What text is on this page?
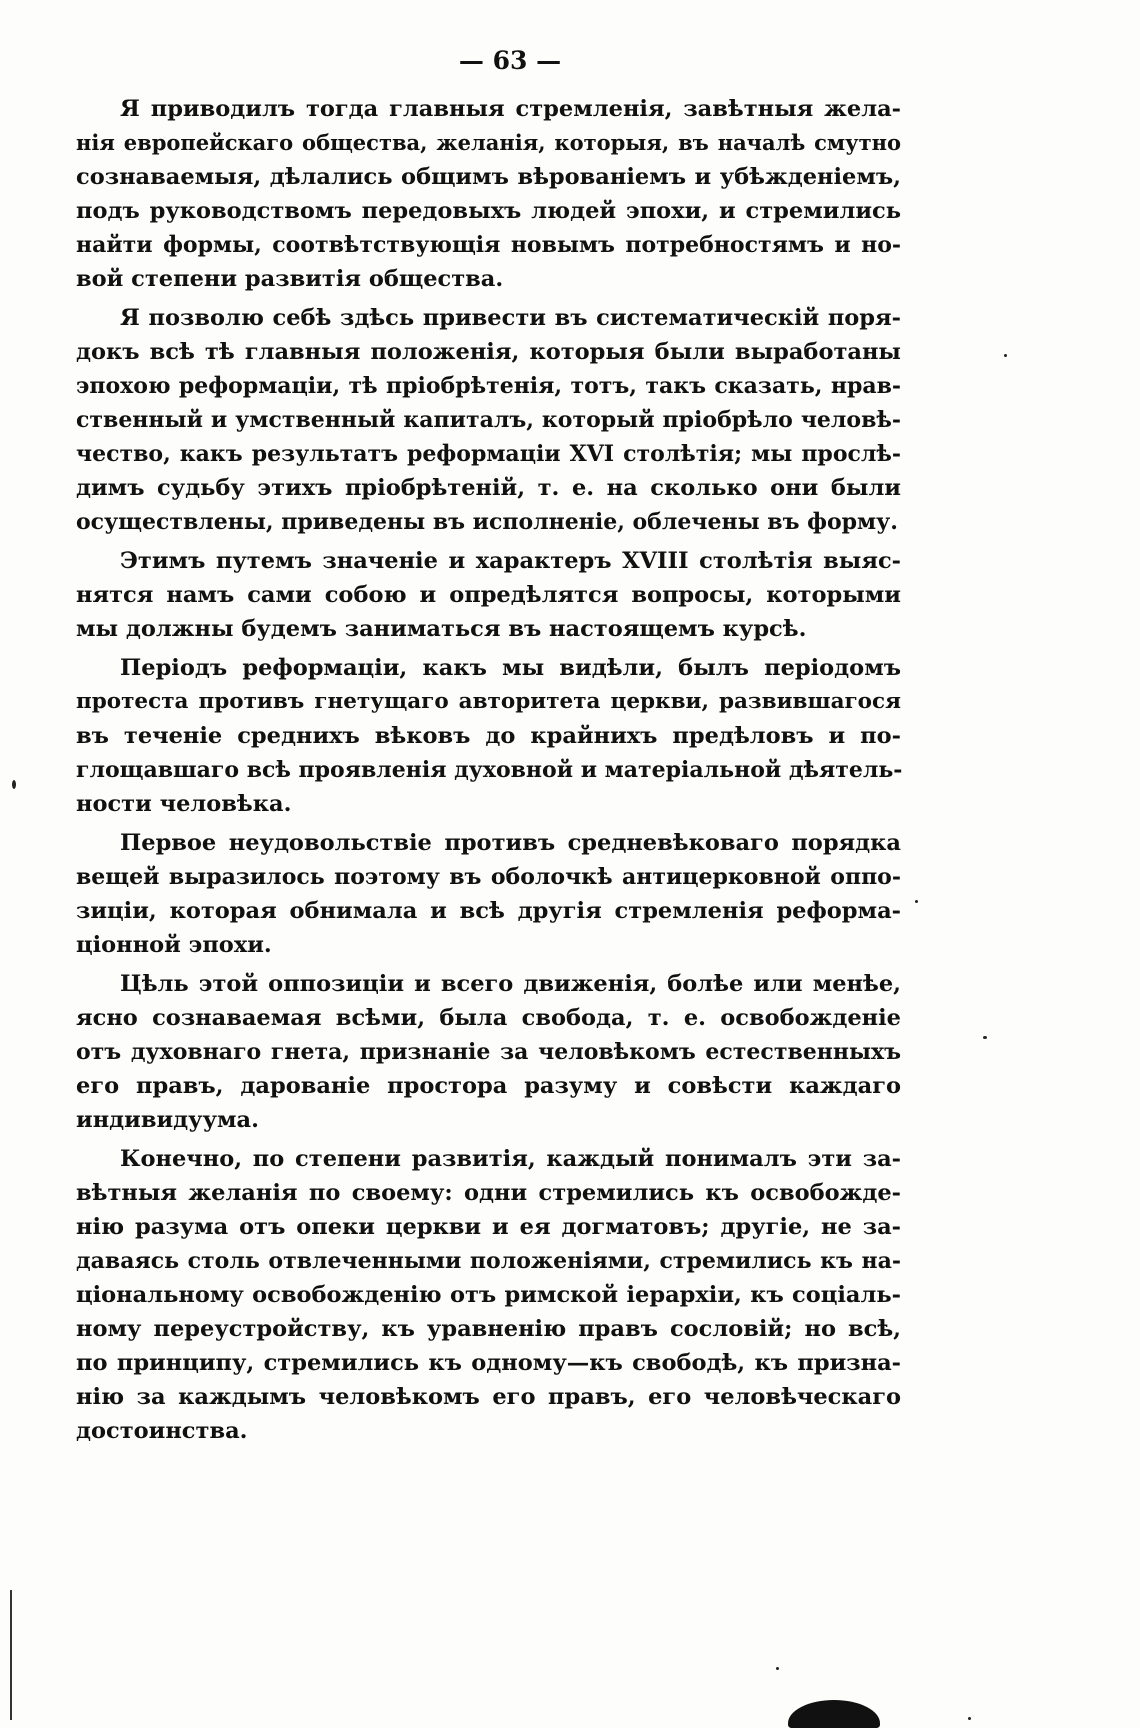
— 63 —
Я приводилъ тогда главныя стремленія, завѣтныя жела-
нія европейскаго общества, желанія, которыя, въ началѣ смутно
сознаваемыя, дѣлались общимъ вѣрованіемъ и убѣжденіемъ,
подъ руководствомъ передовыхъ людей эпохи, и стремились
найти формы, соотвѣтствующія новымъ потребностямъ и но-
вой степени развитія общества.
Я позволю себѣ здѣсь привести въ систематическій поря-
докъ всѣ тѣ главныя положенія, которыя были выработаны
эпохою реформаціи, тѣ пріобрѣтенія, тотъ, такъ сказать, нрав-
ственный и умственный капиталъ, который пріобрѣло человѣ-
чество, какъ результатъ реформаціи XVI столѣтія; мы прослѣ-
димъ судьбу этихъ пріобрѣтеній, т. е. на сколько они были
осуществлены, приведены въ исполненіе, облечены въ форму.
Этимъ путемъ значеніе и характеръ XVIII столѣтія выяс-
нятся намъ сами собою и опредѣлятся вопросы, которыми
мы должны будемъ заниматься въ настоящемъ курсѣ.
Періодъ реформаціи, какъ мы видѣли, былъ періодомъ
протеста противъ гнетущаго авторитета церкви, развившагося
въ теченіе среднихъ вѣковъ до крайнихъ предѣловъ и по-
глощавшаго всѣ проявленія духовной и матеріальной дѣятель-
ности человѣка.
Первое неудовольствіе противъ средневѣковаго порядка
вещей выразилось поэтому въ оболочкѣ антицерковной оппо-
зиціи, которая обнимала и всѣ другія стремленія реформа-
ціонной эпохи.
Цѣль этой оппозиціи и всего движенія, болѣе или менѣе,
ясно сознаваемая всѣми, была свобода, т. е. освобожденіе
отъ духовнаго гнета, признаніе за человѣкомъ естественныхъ
его правъ, дарованіе простора разуму и совѣсти каждаго
индивидуума.
Конечно, по степени развитія, каждый понималъ эти за-
вѣтныя желанія по своему: одни стремились къ освобожде-
нію разума отъ опеки церкви и ея догматовъ; другіе, не за-
даваясь столь отвлеченными положеніями, стремились къ на-
ціональному освобожденію отъ римской іерархіи, къ соціаль-
ному переустройству, къ уравненію правъ сословій; но всѣ,
по принципу, стремились къ одному—къ свободѣ, къ призна-
нію за каждымъ человѣкомъ его правъ, его человѣческаго
достоинства.
